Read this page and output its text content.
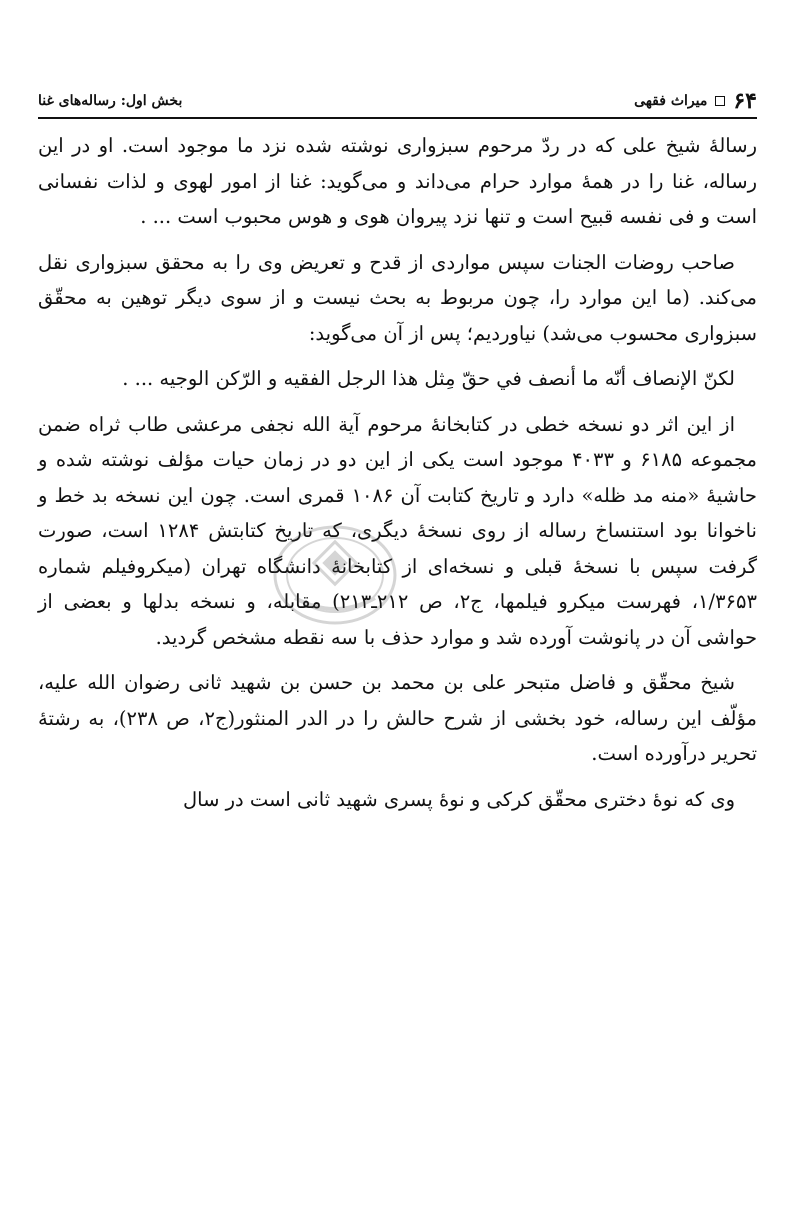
۶۴
میراث فقهی
بخش اول: رساله‌های غنا

رسالهٔ شیخ علی که در ردّ مرحوم سبزواری نوشته شده نزد ما موجود است. او در این رساله، غنا را در همهٔ موارد حرام می‌داند و می‌گوید: غنا از امور لهوی و لذات نفسانی است و فی نفسه قبیح است و تنها نزد پیروان هوی و هوس محبوب است ... .

صاحب روضات الجنات سپس مواردی از قدح و تعریض وی را به محقق سبزواری نقل می‌کند. (ما این موارد را، چون مربوط به بحث نیست و از سوی دیگر توهین به محقّق سبزواری محسوب می‌شد) نیاوردیم؛ پس از آن می‌گوید:

لكنّ الإنصاف أنّه ما أنصف في حقّ مِثل هذا الرجل الفقيه و الرّكن الوجيه ... .

از این اثر دو نسخه خطی در کتابخانهٔ مرحوم آیة الله نجفی مرعشی طاب ثراه ضمن مجموعه ۶۱۸۵ و ۴۰۳۳ موجود است یکی از این دو در زمان حیات مؤلف نوشته شده و حاشیهٔ «منه مد ظله» دارد و تاریخ کتابت آن ۱۰۸۶ قمری است. چون این نسخه بد خط و ناخوانا بود استنساخ رساله از روی نسخهٔ دیگری، که تاریخ کتابتش ۱۲۸۴ است، صورت گرفت سپس با نسخهٔ قبلی و نسخه‌ای از کتابخانهٔ دانشگاه تهران (میکروفیلم شماره ۱/۳۶۵۳، فهرست میکرو فیلمها، ج۲، ص ۲۱۲ـ۲۱۳) مقابله، و نسخه بدلها و بعضی از حواشی آن در پانوشت آورده شد و موارد حذف با سه نقطه مشخص گردید.

شیخ محقّق و فاضل متبحر علی بن محمد بن حسن بن شهید ثانی رضوان الله علیه، مؤلّف این رساله، خود بخشی از شرح حالش را در الدر المنثور(ج۲، ص ۲۳۸)، به رشتهٔ تحریر درآورده است.

وی که نوهٔ دختری محقّق کرکی و نوهٔ پسری شهید ثانی است در سال
